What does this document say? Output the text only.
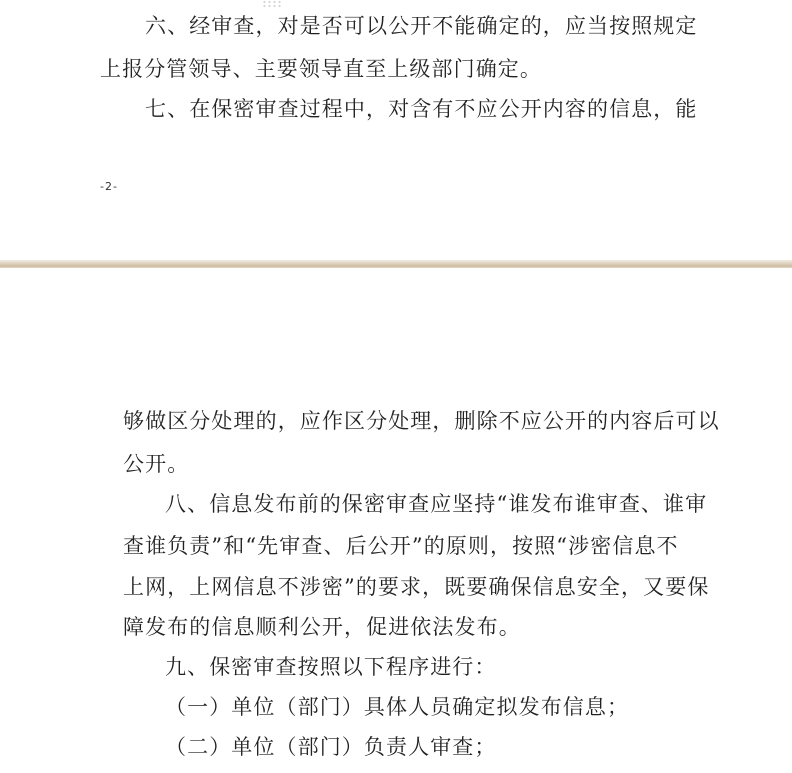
六、经审查，对是否可以公开不能确定的，应当按照规定
上报分管领导、主要领导直至上级部门确定。
七、在保密审查过程中，对含有不应公开内容的信息，能
-2-
够做区分处理的，应作区分处理，删除不应公开的内容后可以
公开。
八、信息发布前的保密审查应坚持“谁发布谁审查、谁审
查谁负责”和“先审查、后公开”的原则，按照“涉密信息不
上网，上网信息不涉密”的要求，既要确保信息安全，又要保
障发布的信息顺利公开，促进依法发布。
九、保密审查按照以下程序进行：
（一）单位（部门）具体人员确定拟发布信息；
（二）单位（部门）负责人审查；
